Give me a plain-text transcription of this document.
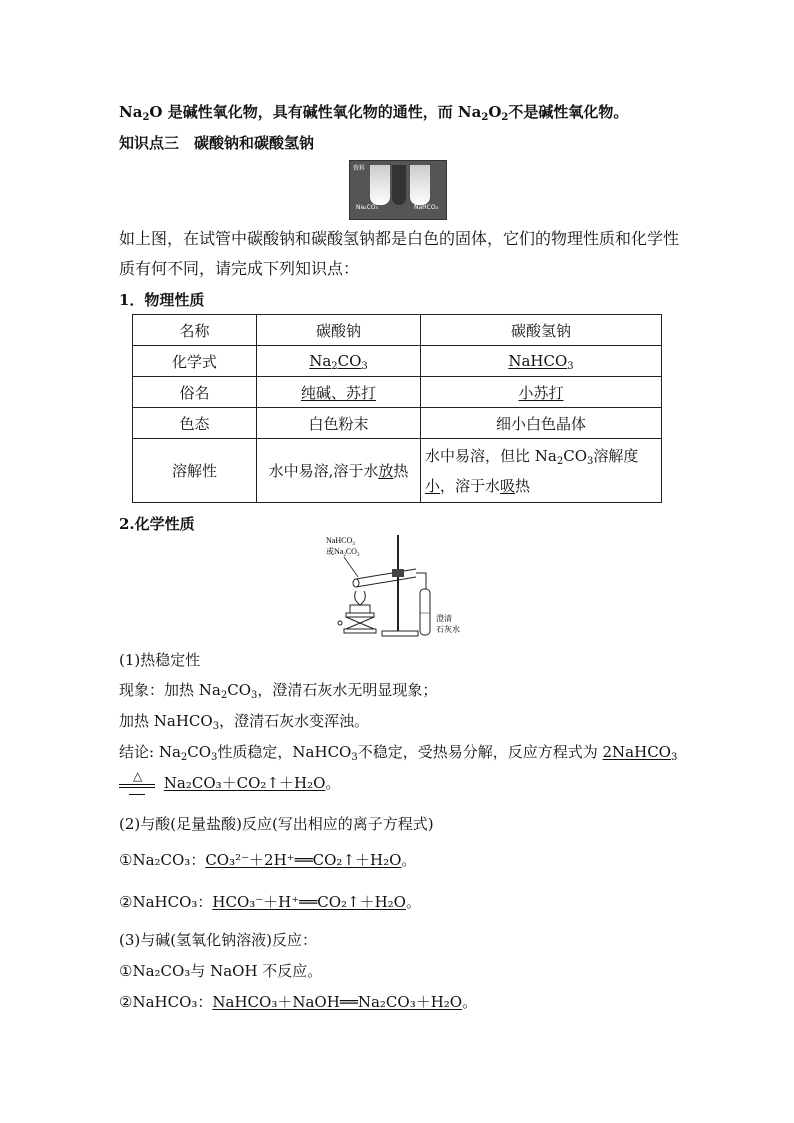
$Na_2O$ 是碱性氧化物，具有碱性氧化物的通性，而 $Na_2O_2$不是碱性氧化物。
知识点三　碳酸钠和碳酸氢钠
资料
Na₂CO₃	NaHCO₃
如上图，在试管中碳酸钠和碳酸氢钠都是白色的固体，它们的物理性质和化学性
质有何不同，请完成下列知识点：
1．物理性质
名称	碳酸钠	碳酸氢钠
化学式	$Na_2CO_3$	NaHCO$_3$
俗名	纯碱、苏打	小苏打
色态	白色粉末	细小白色晶体
溶解性	水中易溶,溶于水放热	水中易溶，但比 $Na_2CO_3$溶解度
小，溶于水吸热
2.化学性质
NaHCO$_3$
或$Na_2CO_3$
澄清
石灰水
(1)热稳定性
现象：加热 $Na_2CO_3$，澄清石灰水无明显现象；
加热 NaHCO$_3$，澄清石灰水变浑浊。
结论: $Na_2CO_3$性质稳定，NaHCO$_3$不稳定，受热易分解，反应方程式为 2NaHCO$_3$
△ Na₂CO₃＋CO₂↑＋H₂O。
(2)与酸(足量盐酸)反应(写出相应的离子方程式)
①Na₂CO₃：CO₃²⁻＋2H⁺══CO₂↑＋H₂O。
②NaHCO₃：HCO₃⁻＋H⁺══CO₂↑＋H₂O。
(3)与碱(氢氧化钠溶液)反应：
①Na₂CO₃与 NaOH 不反应。
②NaHCO₃：NaHCO₃＋NaOH══Na₂CO₃＋H₂O。
